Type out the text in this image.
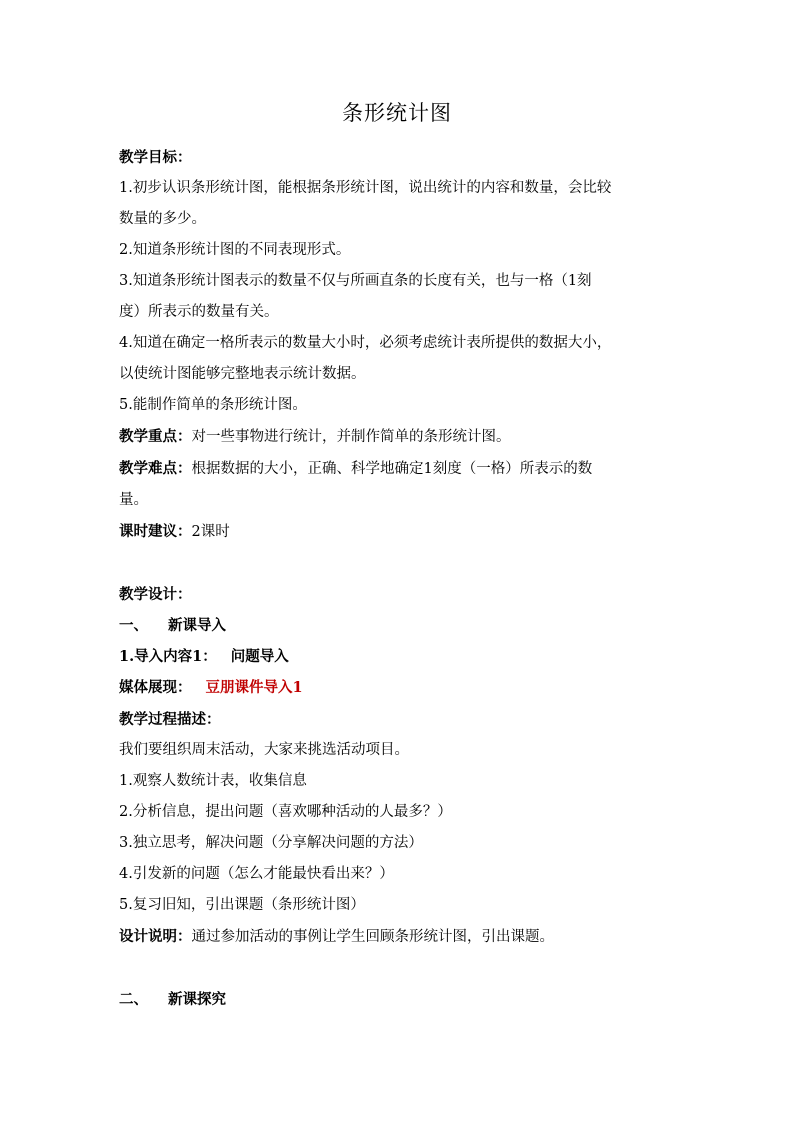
条形统计图

教学目标：

1.初步认识条形统计图，能根据条形统计图，说出统计的内容和数量，会比较

数量的多少。

2.知道条形统计图的不同表现形式。

3.知道条形统计图表示的数量不仅与所画直条的长度有关，也与一格（1刻

度）所表示的数量有关。

4.知道在确定一格所表示的数量大小时，必须考虑统计表所提供的数据大小，

以使统计图能够完整地表示统计数据。

5.能制作简单的条形统计图。

教学重点：对一些事物进行统计，并制作简单的条形统计图。

教学难点：根据数据的大小，正确、科学地确定1刻度（一格）所表示的数

量。

课时建议：2课时

教学设计：

一、 新课导入

1.导入内容1： 问题导入

媒体展现： 豆朋课件导入1

教学过程描述：

我们要组织周末活动，大家来挑选活动项目。

1.观察人数统计表，收集信息

2.分析信息，提出问题（喜欢哪种活动的人最多？）

3.独立思考，解决问题（分享解决问题的方法）

4.引发新的问题（怎么才能最快看出来？）

5.复习旧知，引出课题（条形统计图）

设计说明：通过参加活动的事例让学生回顾条形统计图，引出课题。

二、 新课探究
